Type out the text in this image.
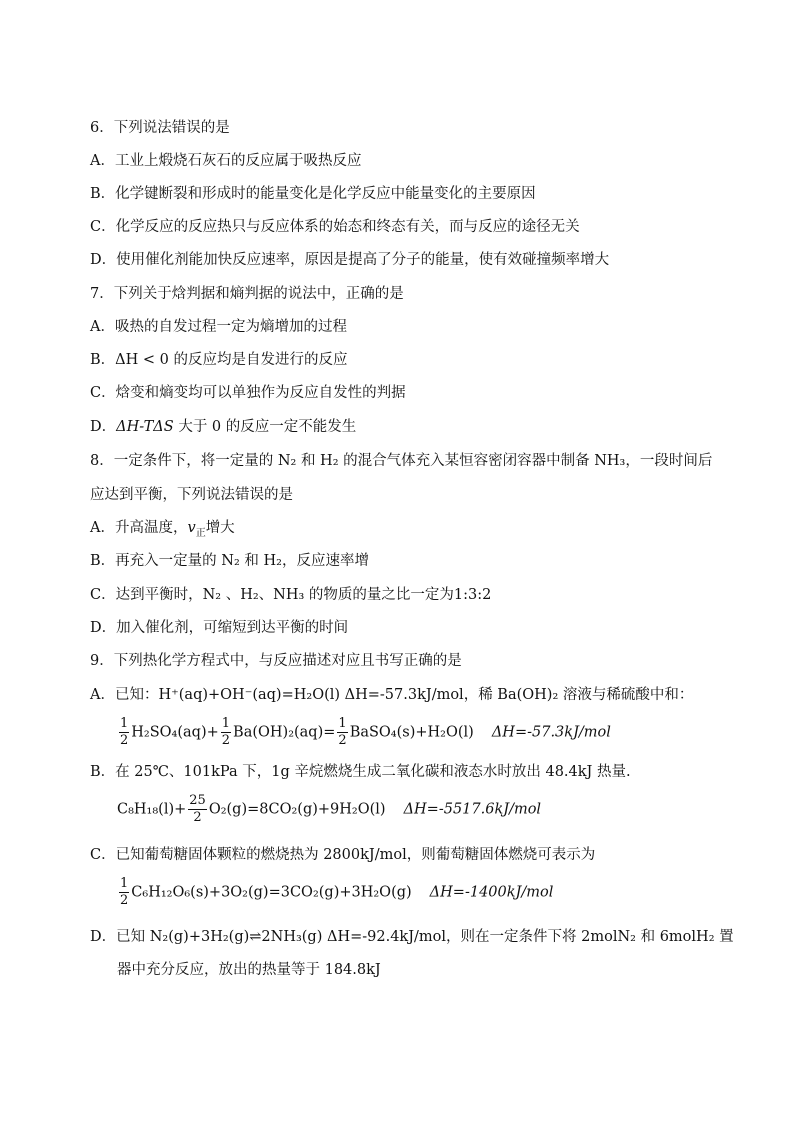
6．下列说法错误的是
A．工业上煅烧石灰石的反应属于吸热反应
B．化学键断裂和形成时的能量变化是化学反应中能量变化的主要原因
C．化学反应的反应热只与反应体系的始态和终态有关，而与反应的途径无关
D．使用催化剂能加快反应速率，原因是提高了分子的能量，使有效碰撞频率增大
7．下列关于焓判据和熵判据的说法中，正确的是
A．吸热的自发过程一定为熵增加的过程
B．ΔH < 0 的反应均是自发进行的反应
C．焓变和熵变均可以单独作为反应自发性的判据
D．ΔH-TΔS 大于 0 的反应一定不能发生
8．一定条件下，将一定量的 N₂ 和 H₂ 的混合气体充入某恒容密闭容器中制备 NH₃，一段时间后
应达到平衡，下列说法错误的是
A．升高温度，$v_正$增大
B．再充入一定量的 N₂ 和 H₂，反应速率增
C．达到平衡时，N₂ 、H₂、NH₃ 的物质的量之比一定为1:3:2
D．加入催化剂，可缩短到达平衡的时间
9．下列热化学方程式中，与反应描述对应且书写正确的是
A．已知：H⁺(aq)+OH⁻(aq)=H₂O(l) ΔH=-57.3kJ/mol，稀 Ba(OH)₂ 溶液与稀硫酸中和：
$\frac{1}{2} H_2SO_4(aq)+ \frac{1}{2} Ba(OH)_2(aq)= \frac{1}{2}$ BaSO₄(s)+H₂O(l) ΔH=-57.3kJ/mol
B．在 25℃、101kPa 下，1g 辛烷燃烧生成二氧化碳和液态水时放出 48.4kJ 热量.
$C_8H_{18}(l)+ \frac{25}{2} O_2(g)=8CO_2(g)+9H_2O(l)$ ΔH=-5517.6kJ/mol
C．已知葡萄糖固体颗粒的燃烧热为 2800kJ/mol，则葡萄糖固体燃烧可表示为
$\frac{1}{2} C_6H_{12}O_6(s)+3O_2(g)=3CO_2(g)+3H_2O(g)$ ΔH=-1400kJ/mol
D．已知 N₂(g)+3H₂(g)⇌2NH₃(g) ΔH=-92.4kJ/mol，则在一定条件下将 2molN₂ 和 6molH₂ 置
器中充分反应，放出的热量等于 184.8kJ
